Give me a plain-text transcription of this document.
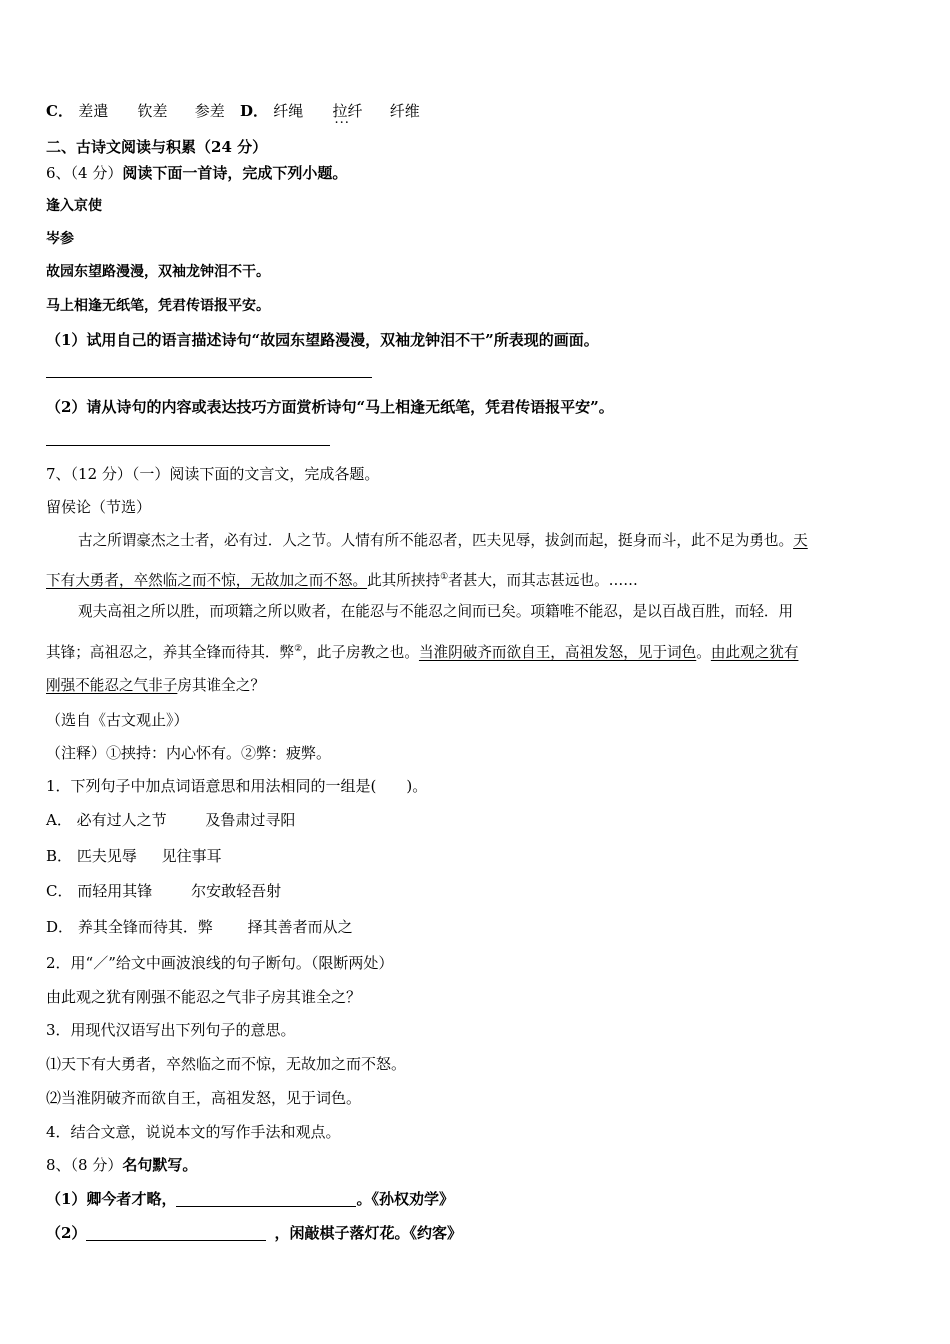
C． 差遣 钦差 参差 D． 纤绳 拉纤 ... 纤维
二、古诗文阅读与积累（24 分）
6、（4 分）阅读下面一首诗，完成下列小题。
逢入京使
岑参
故园东望路漫漫，双袖龙钟泪不干。
马上相逢无纸笔，凭君传语报平安。
（1）试用自己的语言描述诗句“故园东望路漫漫，双袖龙钟泪不干”所表现的画面。
（2）请从诗句的内容或表达技巧方面赏析诗句“马上相逢无纸笔，凭君传语报平安”。
7、（12 分）（一）阅读下面的文言文，完成各题。
留侯论（节选）
古之所谓豪杰之士者，必有过．人之节。人情有所不能忍者，匹夫见辱，拔剑而起，挺身而斗，此不足为勇也。天
下有大勇者，卒然临之而不惊，无故加之而不怒。此其所挟持①者甚大，而其志甚远也。……
观夫高祖之所以胜，而项籍之所以败者，在能忍与不能忍之间而已矣。项籍唯不能忍，是以百战百胜，而轻．用
其锋；高祖忍之，养其全锋而待其．弊②，此子房教之也。当淮阴破齐而欲自王，高祖发怒，见于词色。由此观之犹有
刚强不能忍之气非子房其谁全之？
（选自《古文观止》）
（注释）①挟持：内心怀有。②弊：疲弊。
1．下列句子中加点词语意思和用法相同的一组是(　　)。
A． 必有过人之节	及鲁肃过寻阳
B． 匹夫见辱 见往事耳
C． 而轻用其锋	尔安敢轻吾射
D． 养其全锋而待其．弊 择其善者而从之
2．用“／”给文中画波浪线的句子断句。（限断两处）
由此观之犹有刚强不能忍之气非子房其谁全之？
3．用现代汉语写出下列句子的意思。
⑴天下有大勇者，卒然临之而不惊，无故加之而不怒。
⑵当淮阴破齐而欲自王，高祖发怒，见于词色。
4．结合文意，说说本文的写作手法和观点。
8、（8 分）名句默写。
（1）卿今者才略，	。《孙权劝学》
（2）	，闲敲棋子落灯花。《约客》
